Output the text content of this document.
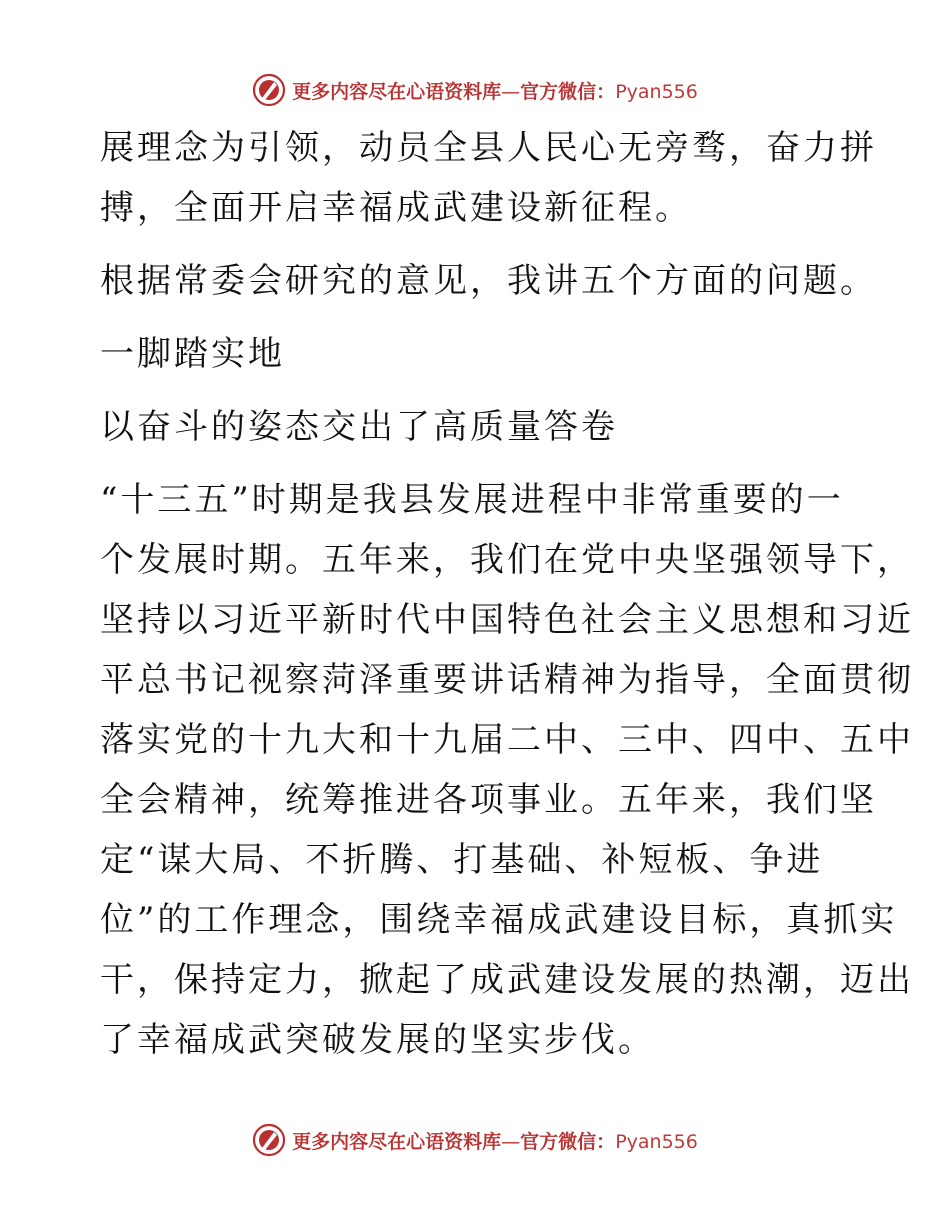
更多内容尽在心语资料库—官方微信：Pyan556
展理念为引领，动员全县人民心无旁骛，奋力拼
搏，全面开启幸福成武建设新征程。
根据常委会研究的意见，我讲五个方面的问题。
一脚踏实地
以奋斗的姿态交出了高质量答卷
“十三五”时期是我县发展进程中非常重要的一
个发展时期。五年来，我们在党中央坚强领导下，
坚持以习近平新时代中国特色社会主义思想和习近
平总书记视察菏泽重要讲话精神为指导，全面贯彻
落实党的十九大和十九届二中、三中、四中、五中
全会精神，统筹推进各项事业。五年来，我们坚
定“谋大局、不折腾、打基础、补短板、争进
位”的工作理念，围绕幸福成武建设目标，真抓实
干，保持定力，掀起了成武建设发展的热潮，迈出
了幸福成武突破发展的坚实步伐。
更多内容尽在心语资料库—官方微信：Pyan556
